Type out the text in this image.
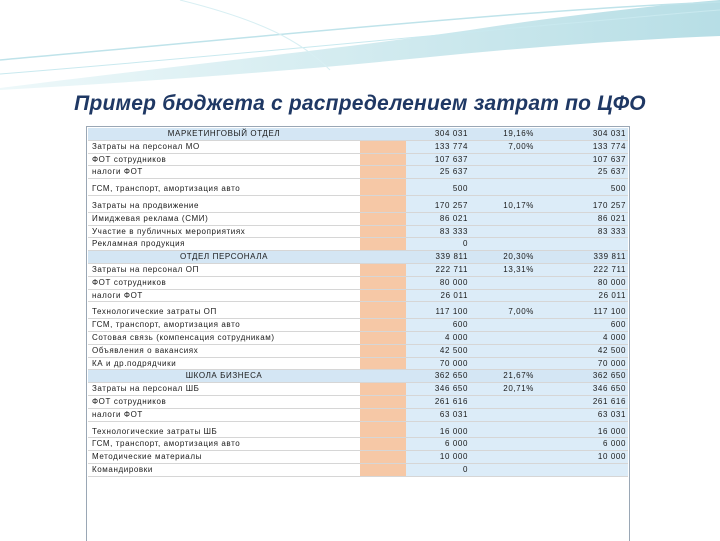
Пример бюджета с распределением затрат по ЦФО
МАРКЕТИНГОВЫЙ ОТДЕЛ		304 031	19,16%	304 031
Затраты на персонал МО		133 774	7,00%	133 774
ФОТ сотрудников		107 637		107 637
налоги ФОТ		25 637		25 637

ГСМ, транспорт, амортизация авто		500		500

Затраты на продвижение		170 257	10,17%	170 257
Имиджевая реклама (СМИ)		86 021		86 021
Участие в публичных мероприятиях		83 333		83 333
Рекламная продукция		0		
ОТДЕЛ ПЕРСОНАЛА		339 811	20,30%	339 811
Затраты на персонал ОП		222 711	13,31%	222 711
ФОТ сотрудников		80 000		80 000
налоги ФОТ		26 011		26 011

Технологические затраты ОП		117 100	7,00%	117 100
ГСМ, транспорт, амортизация авто		600		600
Сотовая связь (компенсация сотрудникам)		4 000		4 000
Объявления о вакансиях		42 500		42 500
КА и др.подрядчики		70 000		70 000
ШКОЛА БИЗНЕСА		362 650	21,67%	362 650
Затраты на персонал ШБ		346 650	20,71%	346 650
ФОТ сотрудников		261 616		261 616
налоги ФОТ		63 031		63 031

Технологические затраты ШБ		16 000		16 000
ГСМ, транспорт, амортизация авто		6 000		6 000
Методические материалы		10 000		10 000
Командировки		0		
